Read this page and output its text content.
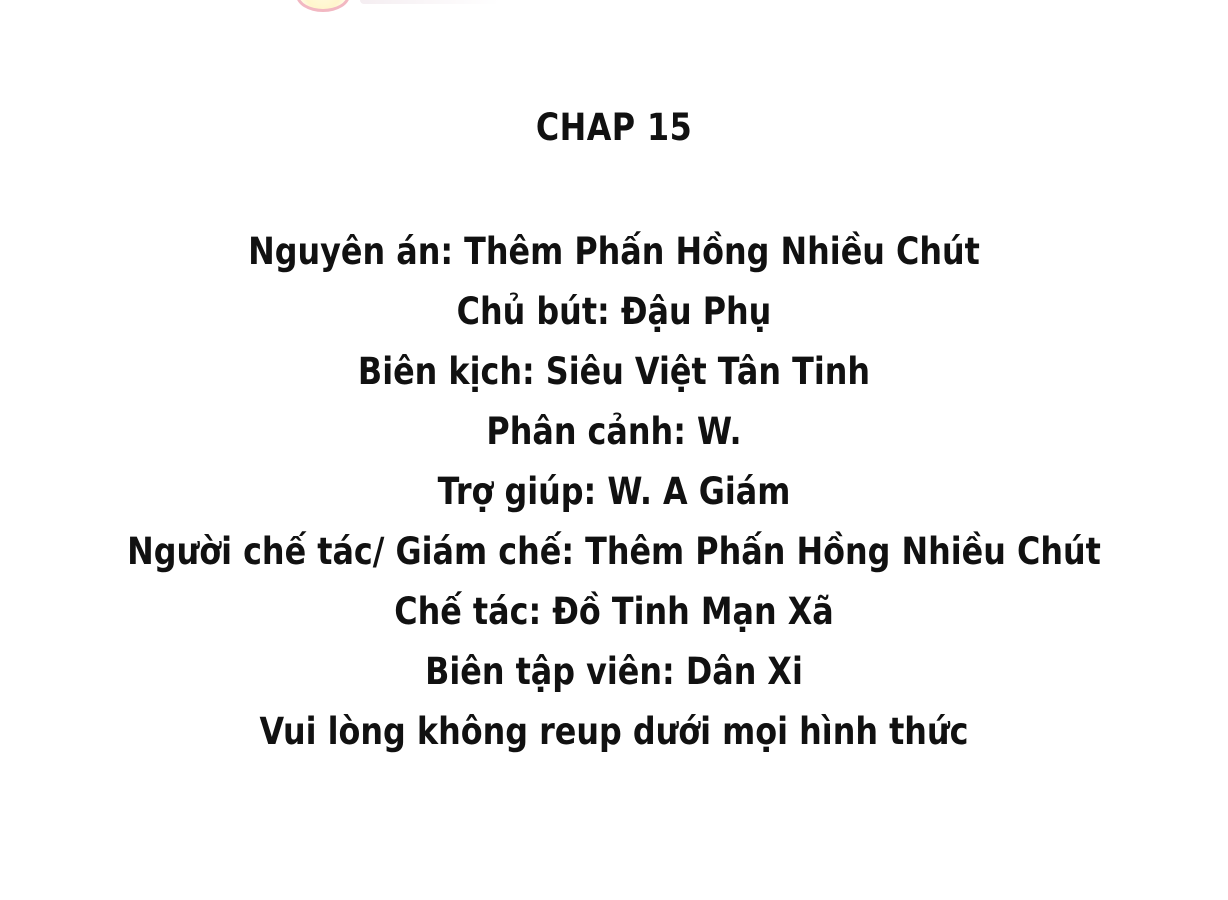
CHAP 15
Nguyên án: Thêm Phấn Hồng Nhiều Chút
Chủ bút: Đậu Phụ
Biên kịch: Siêu Việt Tân Tinh
Phân cảnh: W.
Trợ giúp: W. A Giám
Người chế tác/ Giám chế: Thêm Phấn Hồng Nhiều Chút
Chế tác: Đồ Tinh Mạn Xã
Biên tập viên: Dân Xi
Vui lòng không reup dưới mọi hình thức
